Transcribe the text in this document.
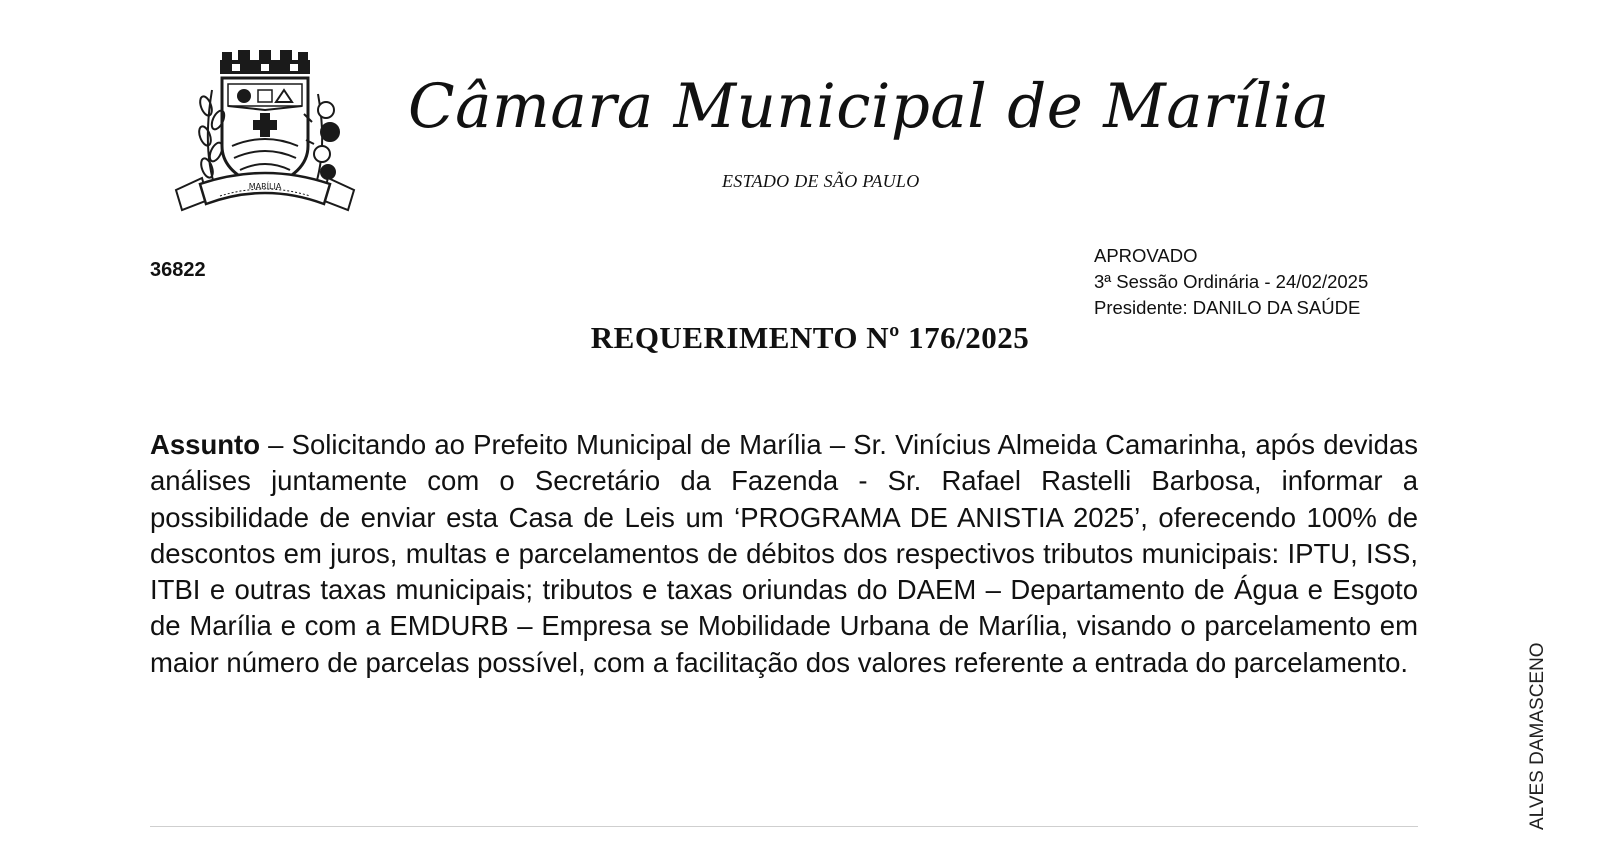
MARÍLIA
Câmara Municipal de Marília
ESTADO DE SÃO PAULO
36822
APROVADO
3ª Sessão Ordinária - 24/02/2025
Presidente: DANILO DA SAÚDE
REQUERIMENTO Nº 176/2025

Assunto – Solicitando ao Prefeito Municipal de Marília – Sr. Vinícius Almeida Camarinha, após devidas análises juntamente com o Secretário da Fazenda - Sr. Rafael Rastelli Barbosa, informar a possibilidade de enviar esta Casa de Leis um ‘PROGRAMA DE ANISTIA 2025’, oferecendo 100% de descontos em juros, multas e parcelamentos de débitos dos respectivos tributos municipais: IPTU, ISS, ITBI e outras taxas municipais; tributos e taxas oriundas do DAEM – Departamento de Água e Esgoto de Marília e com a EMDURB – Empresa se Mobilidade Urbana de Marília, visando o parcelamento em maior número de parcelas possível, com a facilitação dos valores referente a entrada do parcelamento.	ALVES DAMASCENO
